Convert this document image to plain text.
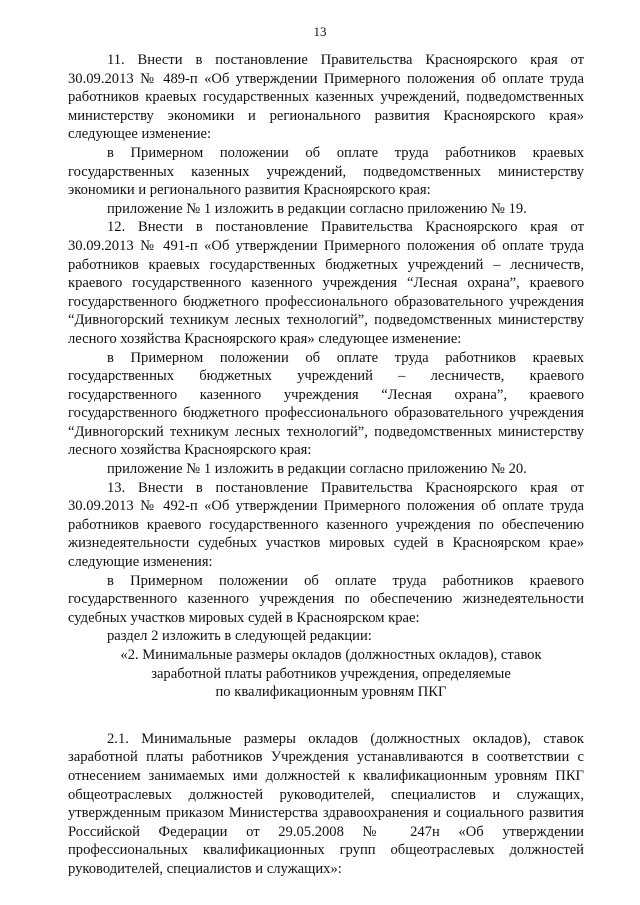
13

11. Внести в постановление Правительства Красноярского края от 30.09.2013 № 489-п «Об утверждении Примерного положения об оплате труда работников краевых государственных казенных учреждений, подведомственных министерству экономики и регионального развития Красноярского края» следующее изменение:

в Примерном положении об оплате труда работников краевых государственных казенных учреждений, подведомственных министерству экономики и регионального развития Красноярского края:

приложение № 1 изложить в редакции согласно приложению № 19.

12. Внести в постановление Правительства Красноярского края от 30.09.2013 № 491-п «Об утверждении Примерного положения об оплате труда работников краевых государственных бюджетных учреждений – лесничеств, краевого государственного казенного учреждения “Лесная охрана”, краевого государственного бюджетного профессионального образовательного учреждения “Дивногорский техникум лесных технологий”, подведомственных министерству лесного хозяйства Красноярского края» следующее изменение:

в Примерном положении об оплате труда работников краевых государственных бюджетных учреждений – лесничеств, краевого государственного казенного учреждения “Лесная охрана”, краевого государственного бюджетного профессионального образовательного учреждения “Дивногорский техникум лесных технологий”, подведомственных министерству лесного хозяйства Красноярского края:

приложение № 1 изложить в редакции согласно приложению № 20.

13. Внести в постановление Правительства Красноярского края от 30.09.2013 № 492-п «Об утверждении Примерного положения об оплате труда работников краевого государственного казенного учреждения по обеспечению жизнедеятельности судебных участков мировых судей в Красноярском крае» следующие изменения:

в Примерном положении об оплате труда работников краевого государственного казенного учреждения по обеспечению жизнедеятельности судебных участков мировых судей в Красноярском крае:

раздел 2 изложить в следующей редакции:

«2. Минимальные размеры окладов (должностных окладов), ставок
заработной платы работников учреждения, определяемые
по квалификационным уровням ПКГ

2.1. Минимальные размеры окладов (должностных окладов), ставок заработной платы работников Учреждения устанавливаются в соответствии с отнесением занимаемых ими должностей к квалификационным уровням ПКГ общеотраслевых должностей руководителей, специалистов и служащих, утвержденным приказом Министерства здравоохранения и социального развития Российской Федерации от 29.05.2008 № 247н «Об утверждении профессиональных квалификационных групп общеотраслевых должностей руководителей, специалистов и служащих»:
